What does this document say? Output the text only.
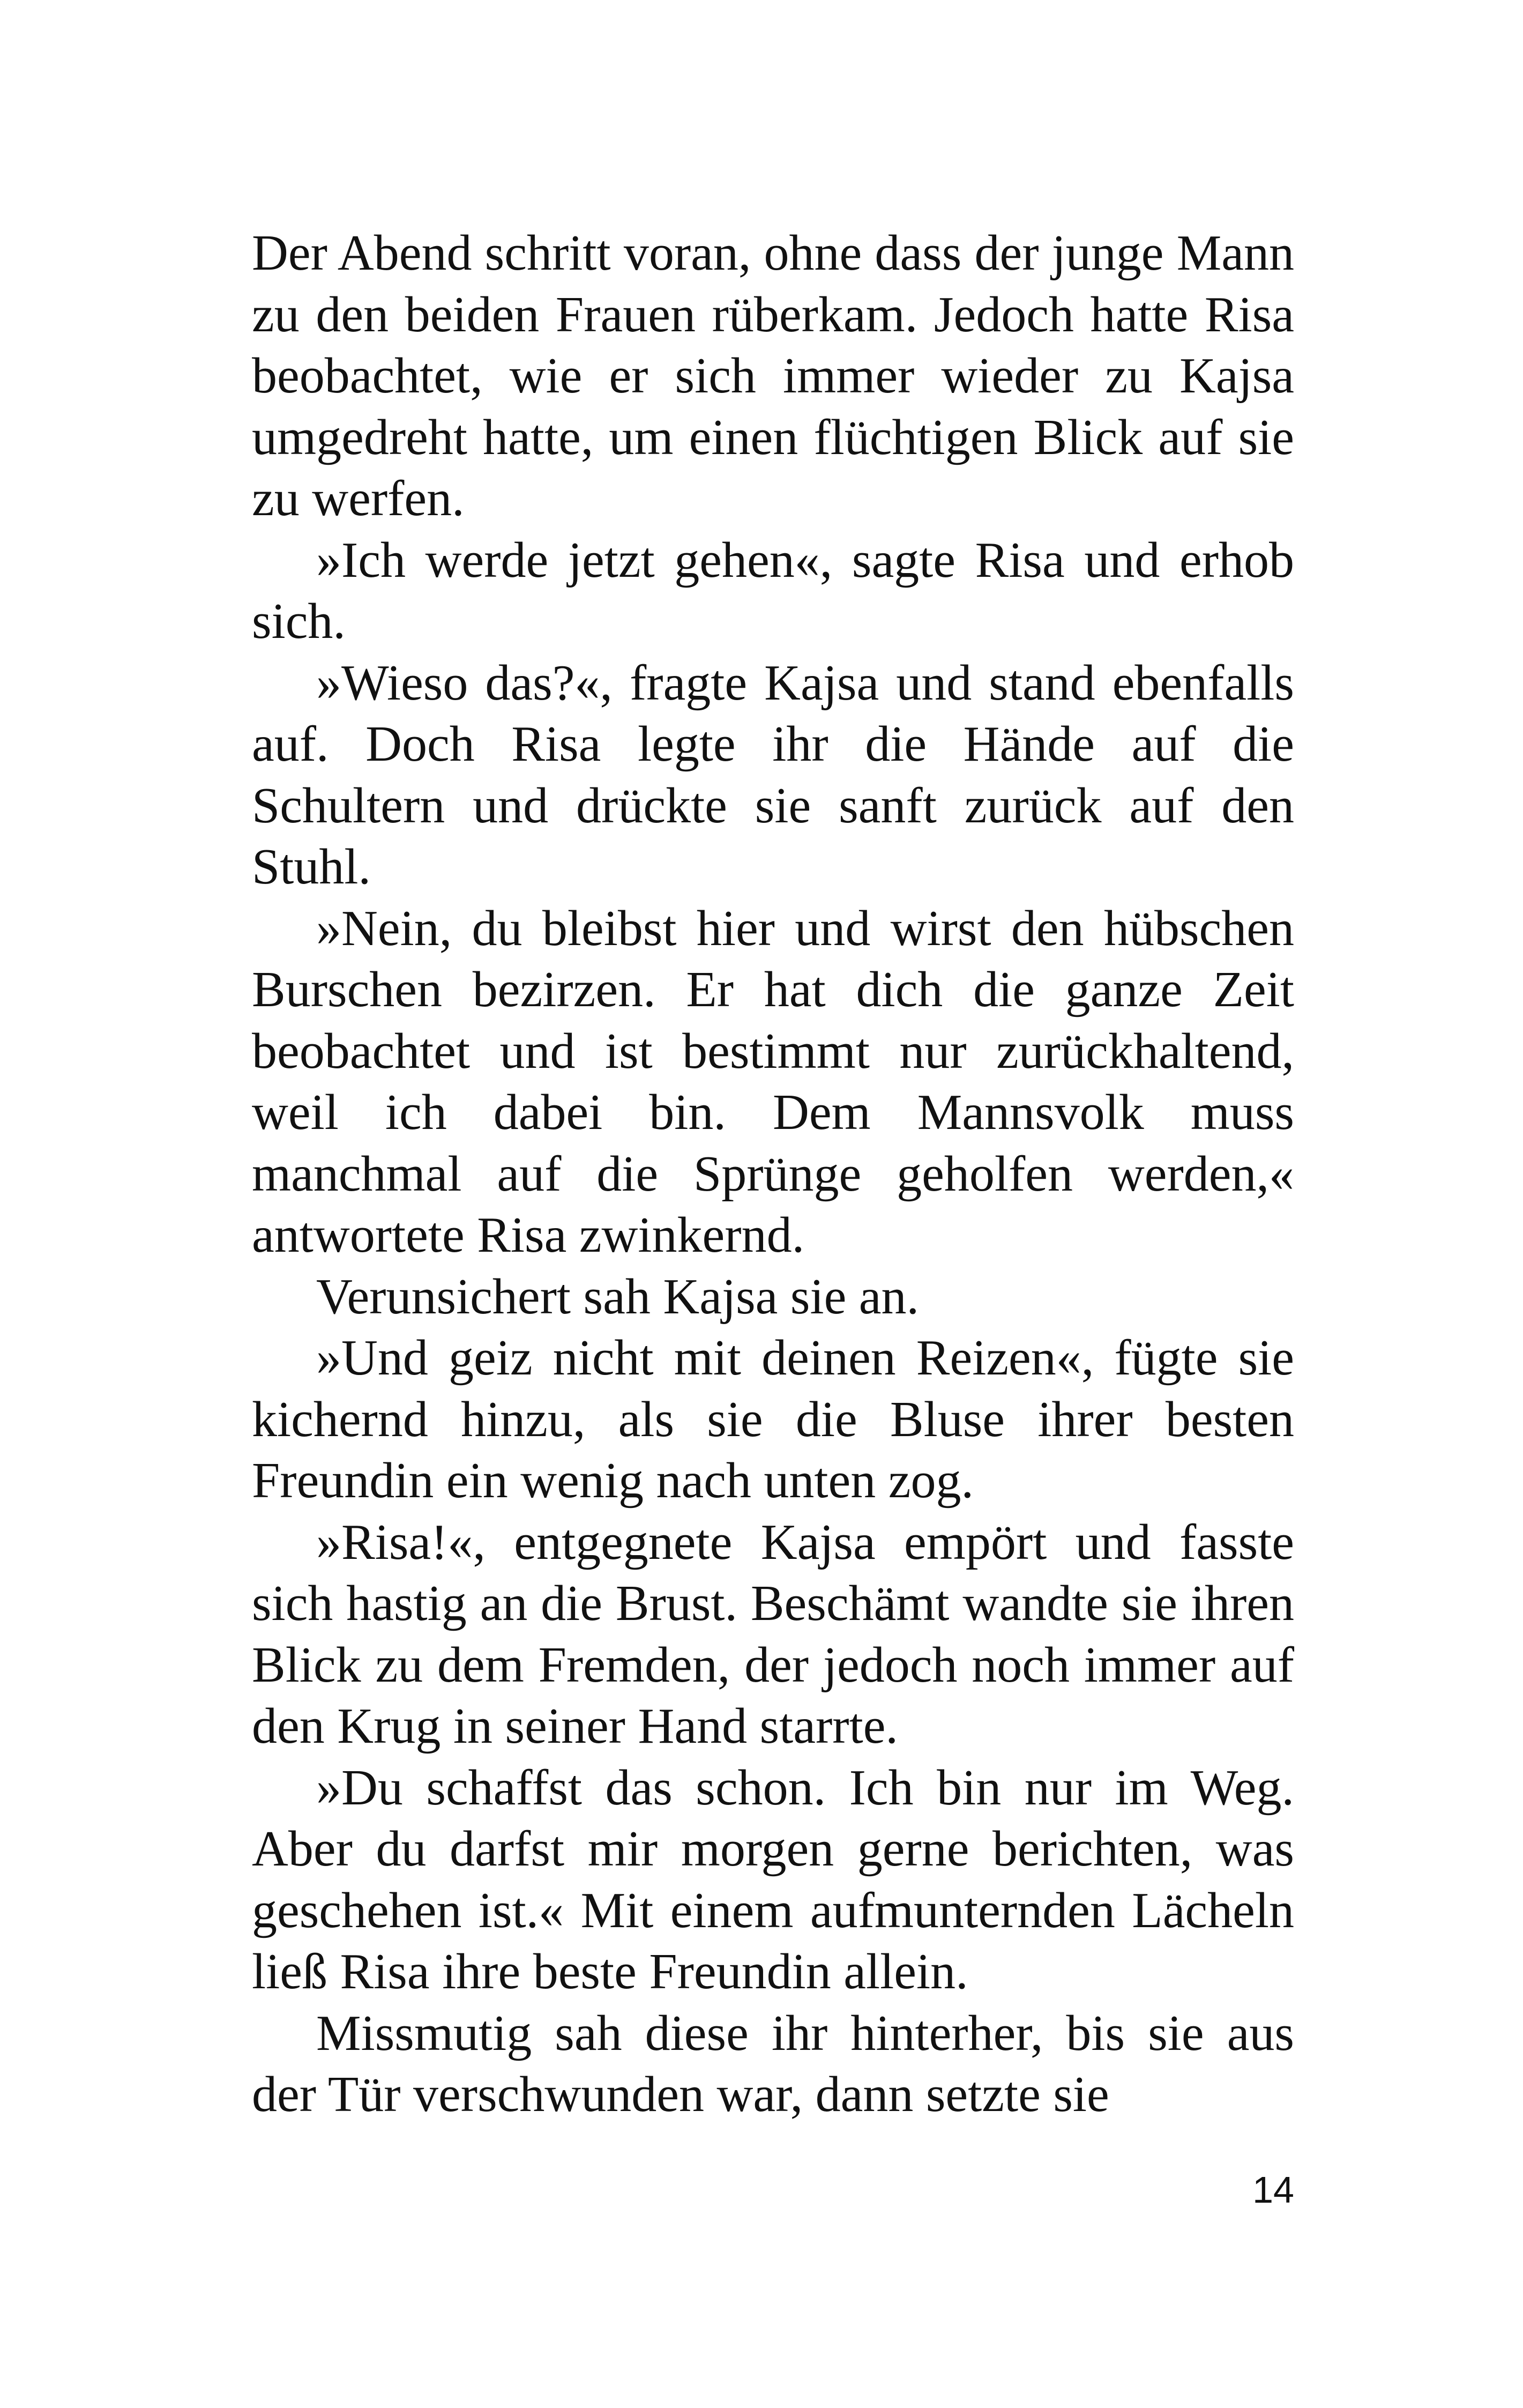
Der Abend schritt voran, ohne dass der junge Mann zu den beiden Frauen rüberkam. Jedoch hatte Risa beobachtet, wie er sich immer wieder zu Kajsa umgedreht hatte, um einen flüchtigen Blick auf sie zu werfen.

»Ich werde jetzt gehen«, sagte Risa und erhob sich.

»Wieso das?«, fragte Kajsa und stand ebenfalls auf. Doch Risa legte ihr die Hände auf die Schultern und drückte sie sanft zurück auf den Stuhl.

»Nein, du bleibst hier und wirst den hübschen Burschen bezirzen. Er hat dich die ganze Zeit beobachtet und ist bestimmt nur zurückhaltend, weil ich dabei bin. Dem Mannsvolk muss manchmal auf die Sprünge geholfen werden,« antwortete Risa zwinkernd.

Verunsichert sah Kajsa sie an.

»Und geiz nicht mit deinen Reizen«, fügte sie kichernd hinzu, als sie die Bluse ihrer besten Freundin ein wenig nach unten zog.

»Risa!«, entgegnete Kajsa empört und fasste sich hastig an die Brust. Beschämt wandte sie ihren Blick zu dem Fremden, der jedoch noch immer auf den Krug in seiner Hand starrte.

»Du schaffst das schon. Ich bin nur im Weg. Aber du darfst mir morgen gerne berichten, was geschehen ist.« Mit einem aufmunternden Lächeln ließ Risa ihre beste Freundin allein.

Missmutig sah diese ihr hinterher, bis sie aus der Tür verschwunden war, dann setzte sie

14
